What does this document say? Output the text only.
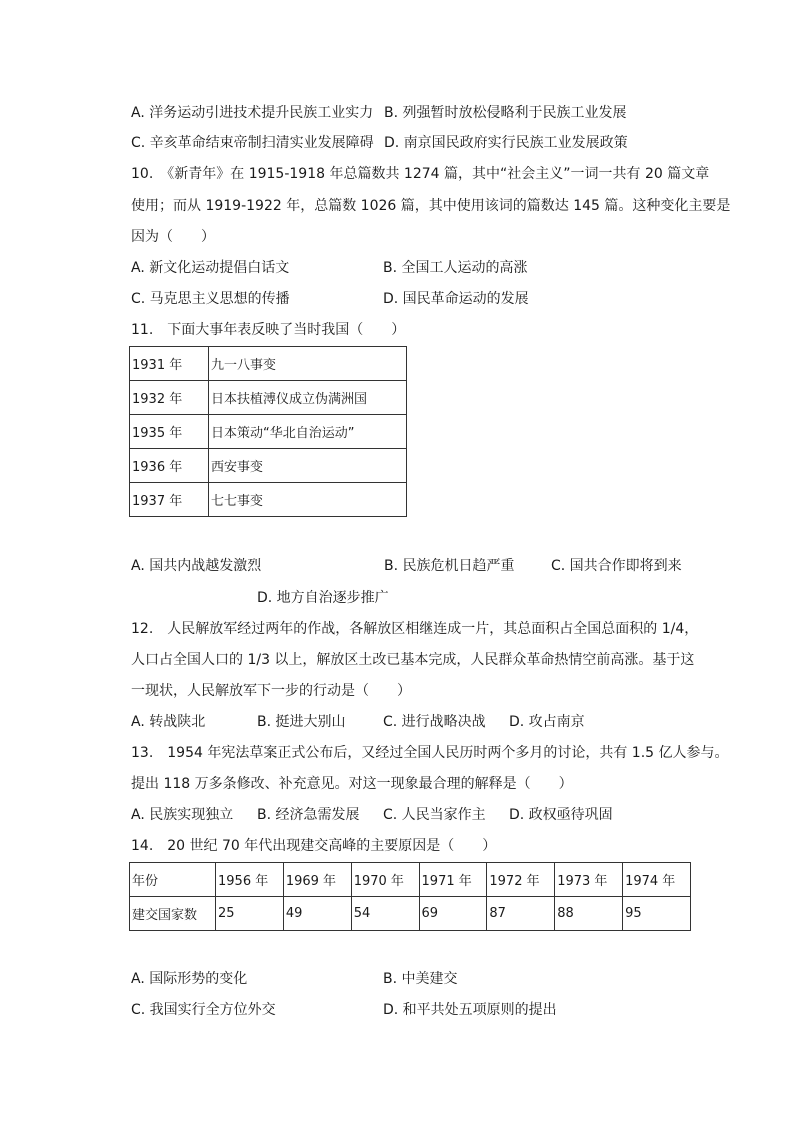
A. 洋务运动引进技术提升民族工业实力 B. 列强暂时放松侵略利于民族工业发展
C. 辛亥革命结束帝制扫清实业发展障碍 D. 南京国民政府实行民族工业发展政策
10.　《新青年》在 1915-1918 年总篇数共 1274 篇，其中“社会主义”一词一共有 20 篇文章
使用；而从 1919-1922 年，总篇数 1026 篇，其中使用该词的篇数达 145 篇。这种变化主要是
因为（　　）
A. 新文化运动提倡白话文	B. 全国工人运动的高涨
C. 马克思主义思想的传播	D. 国民革命运动的发展
11.　下面大事年表反映了当时我国（　　）
1931 年	九一八事变
1932 年	日本扶植溥仪成立伪满洲国
1935 年	日本策动“华北自治运动”
1936 年	西安事变
1937 年	七七事变
A. 国共内战越发激烈	B. 民族危机日趋严重	C. 国共合作即将到来
D. 地方自治逐步推广
12.　人民解放军经过两年的作战，各解放区相继连成一片，其总面积占全国总面积的 1/4，
人口占全国人口的 1/3 以上，解放区土改已基本完成，人民群众革命热情空前高涨。基于这
一现状，人民解放军下一步的行动是（　　）
A. 转战陕北	B. 挺进大别山	C. 进行战略决战 D. 攻占南京
13.　1954 年宪法草案正式公布后，又经过全国人民历时两个多月的讨论，共有 1.5 亿人参与。
提出 118 万多条修改、补充意见。对这一现象最合理的解释是（　　）
A. 民族实现独立 B. 经济急需发展 C. 人民当家作主 D. 政权亟待巩固
14.　20 世纪 70 年代出现建交高峰的主要原因是（　　）
年份	1956 年	1969 年	1970 年	1971 年	1972 年	1973 年	1974 年
建交国家数	25	49	54	69	87	88	95
A. 国际形势的变化	B. 中美建交
C. 我国实行全方位外交	D. 和平共处五项原则的提出
